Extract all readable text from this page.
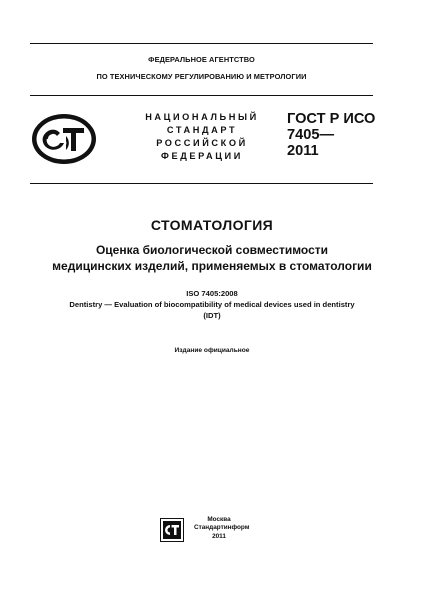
ФЕДЕРАЛЬНОЕ АГЕНТСТВО
ПО ТЕХНИЧЕСКОМУ РЕГУЛИРОВАНИЮ И МЕТРОЛОГИИ
НАЦИОНАЛЬНЫЙ
СТАНДАРТ
РОССИЙСКОЙ
ФЕДЕРАЦИИ
ГОСТ Р ИСО
7405—
2011
СТОМАТОЛОГИЯ
Оценка биологической совместимости
медицинских изделий, применяемых в стоматологии
ISO 7405:2008
Dentistry — Evaluation of biocompatibility of medical devices used in dentistry
(IDT)
Издание официальное
Москва
Стандартинформ
2011
